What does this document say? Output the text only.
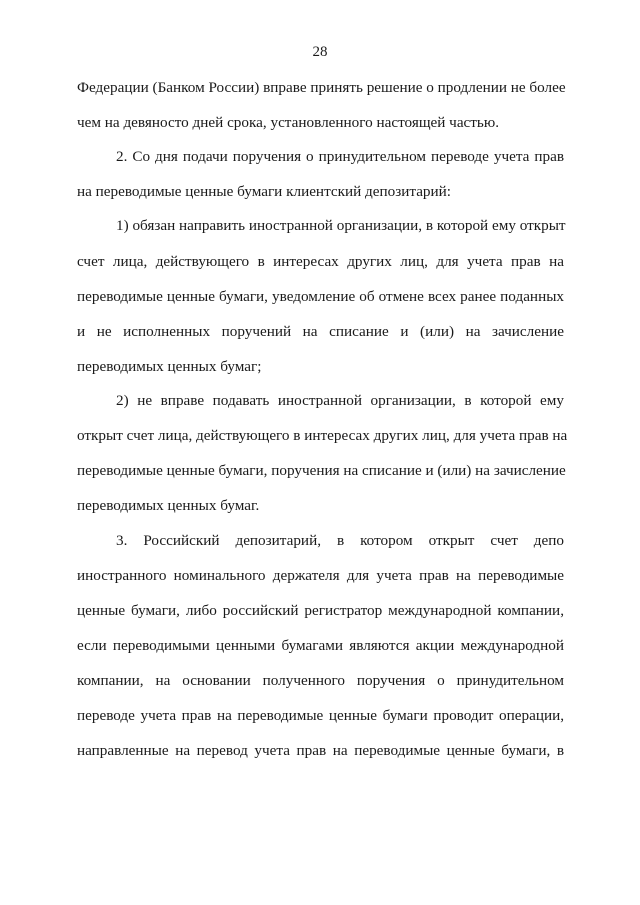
28
Федерации (Банком России) вправе принять решение о продлении не более
чем на девяносто дней срока, установленного настоящей частью.
2. Со дня подачи поручения о принудительном переводе учета прав
на переводимые ценные бумаги клиентский депозитарий:
1) обязан направить иностранной организации, в которой ему открыт
счет лица, действующего в интересах других лиц, для учета прав на
переводимые ценные бумаги, уведомление об отмене всех ранее поданных
и не исполненных поручений на списание и (или) на зачисление
переводимых ценных бумаг;
2) не вправе подавать иностранной организации, в которой ему
открыт счет лица, действующего в интересах других лиц, для учета прав на
переводимые ценные бумаги, поручения на списание и (или) на зачисление
переводимых ценных бумаг.
3. Российский депозитарий, в котором открыт счет депо
иностранного номинального держателя для учета прав на переводимые
ценные бумаги, либо российский регистратор международной компании,
если переводимыми ценными бумагами являются акции международной
компании, на основании полученного поручения о принудительном
переводе учета прав на переводимые ценные бумаги проводит операции,
направленные на перевод учета прав на переводимые ценные бумаги, в
